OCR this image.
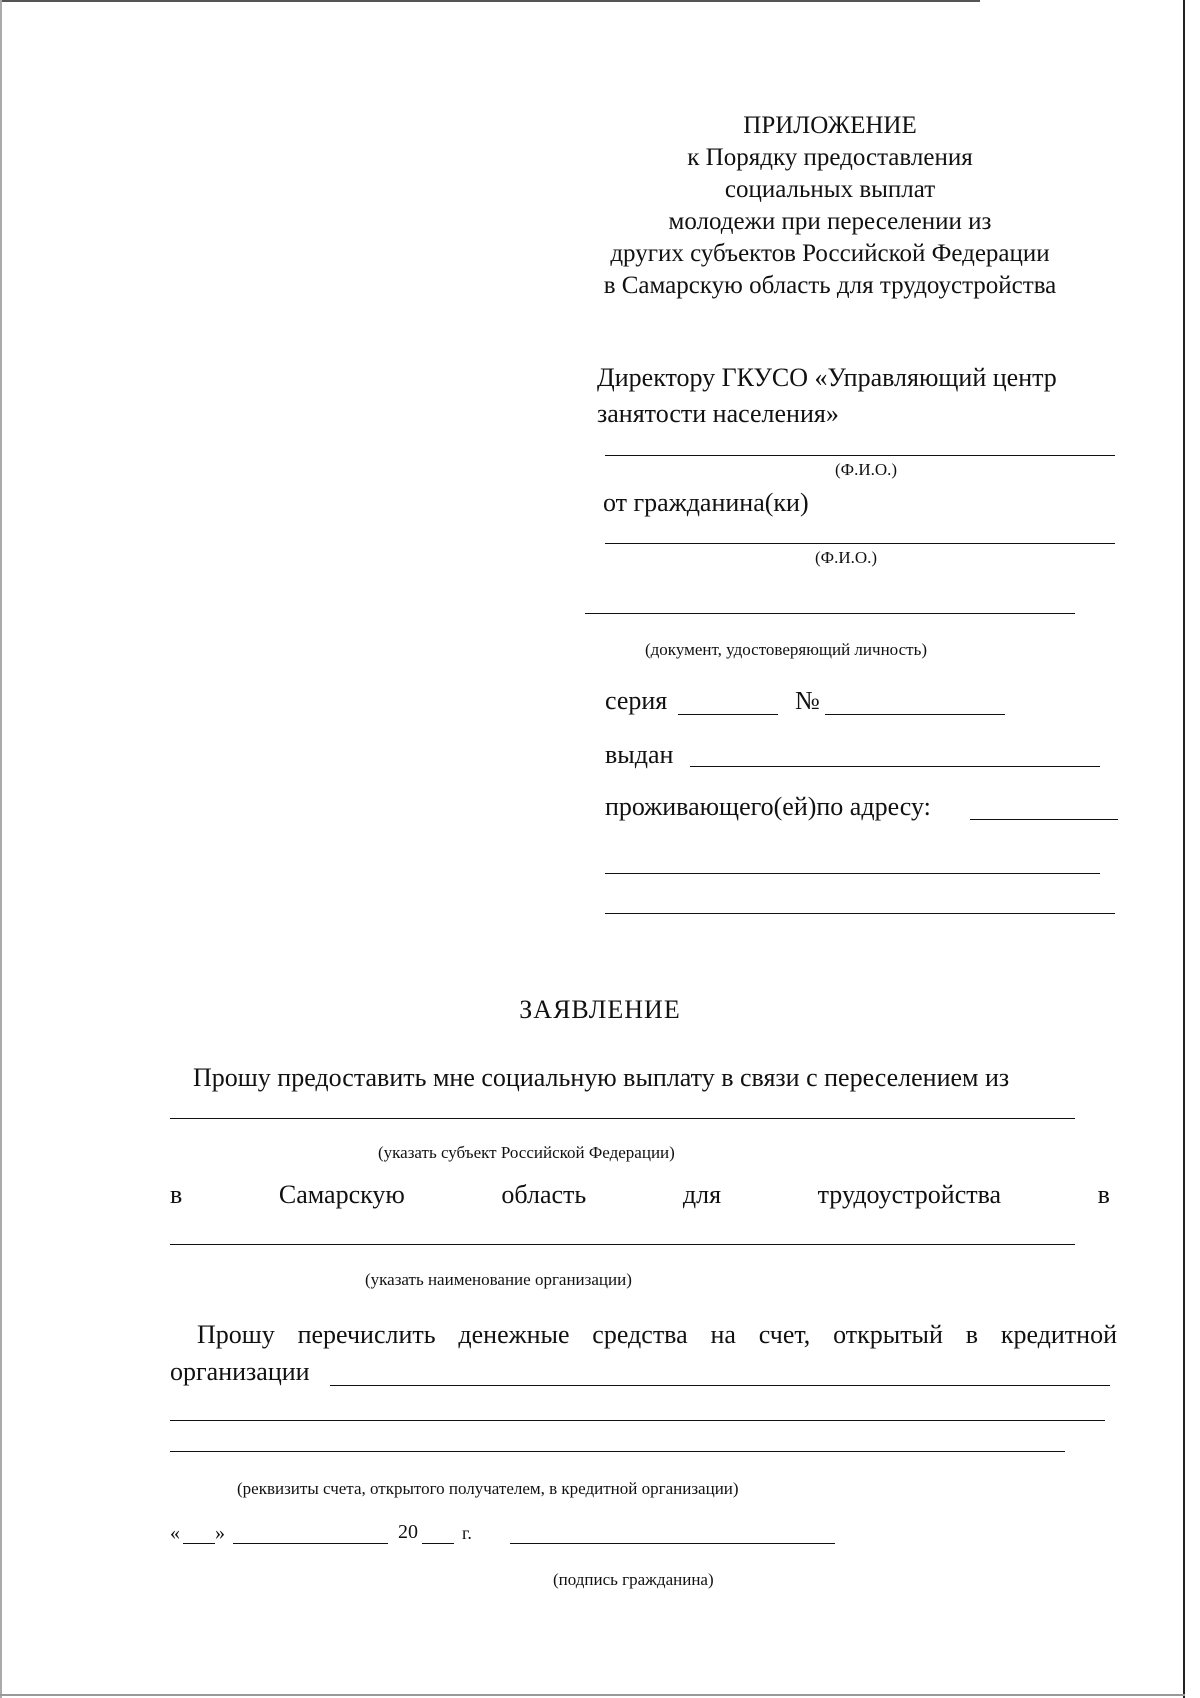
ПРИЛОЖЕНИЕ
к Порядку предоставления
социальных выплат
молодежи при переселении из
других субъектов Российской Федерации
в Самарскую область для трудоустройства
Директору ГКУСО «Управляющий центр
занятости населения»
(Ф.И.О.)
от гражданина(ки)
(Ф.И.О.)
(документ, удостоверяющий личность)
серия	№
выдан
проживающего(ей)по адресу:
ЗАЯВЛЕНИЕ
Прошу предоставить мне социальную выплату в связи с переселением из
(указать субъект Российской Федерации)
в	Самарскую	область	для	трудоустройства	в
(указать наименование организации)
Прошу перечислить денежные средства на счет, открытый в кредитной
организации
(реквизиты счета, открытого получателем, в кредитной организации)
« »	20 г.
(подпись гражданина)
